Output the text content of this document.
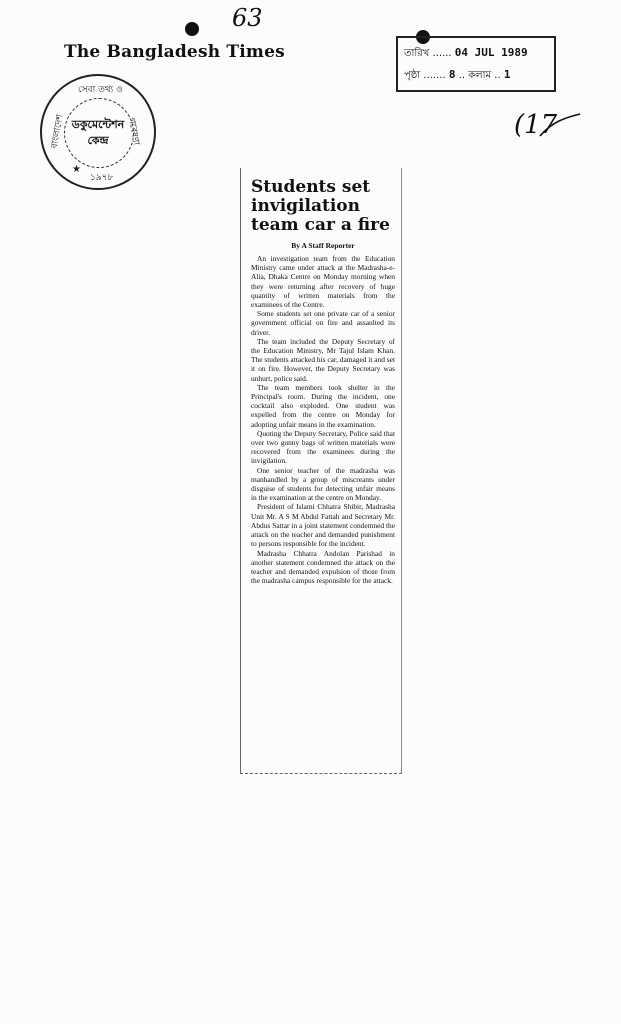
63
(17
The Bangladesh Times
সেবা তথ্য ও
বাংলাদেশ	গবেষণা
ডকুমেন্টেশন
কেন্দ্র
১৯৭৮
★
তারিখ ...... 04 JUL 1989
পৃষ্ঠা ....... 8 .. কলাম .. 1
Students set invigilation team car a fire
By A Staff Reporter

An investigation team from the Education Ministry came under attack at the Madrasha-e-Alia, Dhaka Centre on Monday morning when they were returning after recovery of huge quantity of written materials from the examinees of the Centre.

Some students set one private car of a senior government official on fire and assaulted its driver.

The team included the Deputy Secretary of the Education Ministry, Mr Tajul Islam Khan. The students attacked his car, damaged it and set it on fire. However, the Deputy Secretary was unhurt, police said.

The team members took shelter in the Principal's room. During the incident, one cocktail also exploded. One student was expelled from the centre on Monday for adopting unfair means in the examination.

Quoting the Deputy Secretary, Police said that over two gunny bags of written materials were recovered from the examinees during the invigilation.

One senior teacher of the madrasha was manhandled by a group of miscreants under disguise of students for detecting unfair means in the examination at the centre on Monday.

President of Islami Chhatra Shibir, Madrasha Unit Mr. A S M Abdul Fattah and Secretary Mr. Abdus Sattar in a joint statement condemned the attack on the teacher and demanded punishment to persons responsible for the incident.

Madrasha Chhatra Andolan Parishad in another statement condemned the attack on the teacher and demanded expulsion of those from the madrasha campus responsible for the attack.
